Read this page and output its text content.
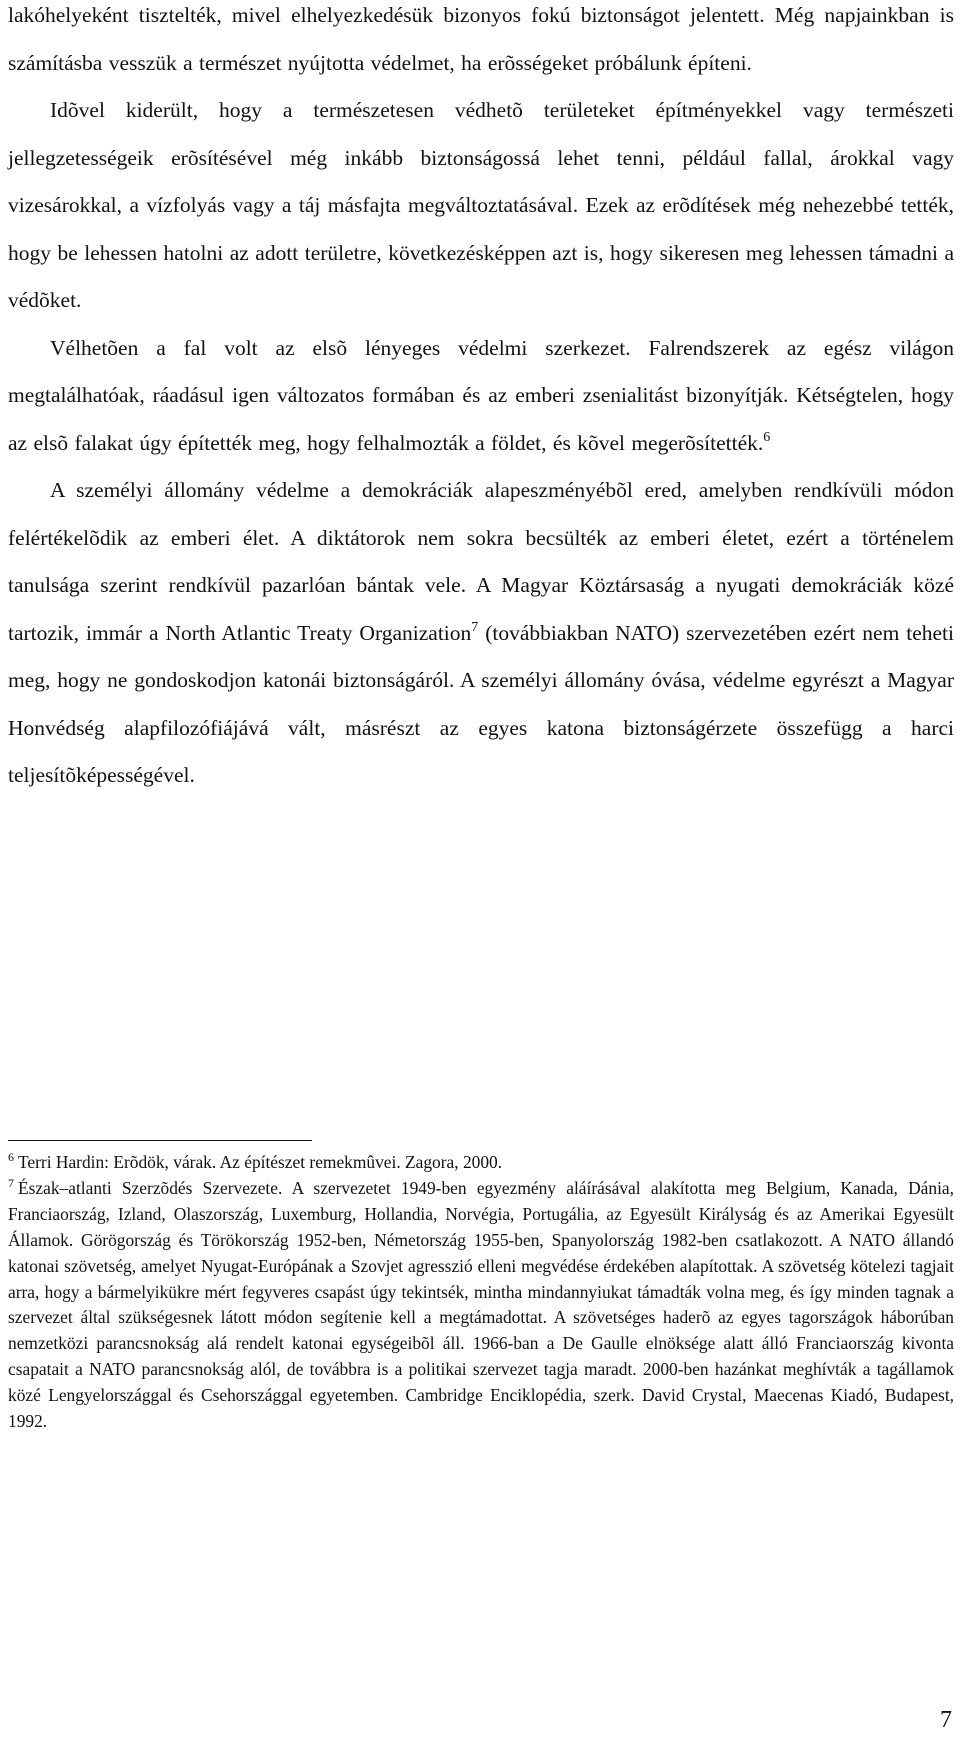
lakóhelyeként tisztelték, mivel elhelyezkedésük bizonyos fokú biztonságot jelentett. Még napjainkban is számításba vesszük a természet nyújtotta védelmet, ha erõsségeket próbálunk építeni.

Idõvel kiderült, hogy a természetesen védhetõ területeket építményekkel vagy természeti jellegzetességeik erõsítésével még inkább biztonságossá lehet tenni, például fallal, árokkal vagy vizesárokkal, a vízfolyás vagy a táj másfajta megváltoztatásával. Ezek az erõdítések még nehezebbé tették, hogy be lehessen hatolni az adott területre, következésképpen azt is, hogy sikeresen meg lehessen támadni a védõket.

Vélhetõen a fal volt az elsõ lényeges védelmi szerkezet. Falrendszerek az egész világon megtalálhatóak, ráadásul igen változatos formában és az emberi zsenialitást bizonyítják. Kétségtelen, hogy az elsõ falakat úgy építették meg, hogy felhalmozták a földet, és kõvel megerõsítették.$^6$

A személyi állomány védelme a demokráciák alapeszményébõl ered, amelyben rendkívüli módon felértékelõdik az emberi élet. A diktátorok nem sokra becsülték az emberi életet, ezért a történelem tanulsága szerint rendkívül pazarlóan bántak vele. A Magyar Köztársaság a nyugati demokráciák közé tartozik, immár a North Atlantic Treaty Organization$^7$ (továbbiakban NATO) szervezetében ezért nem teheti meg, hogy ne gondoskodjon katonái biztonságáról. A személyi állomány óvása, védelme egyrészt a Magyar Honvédség alapfilozófiájává vált, másrészt az egyes katona biztonságérzete összefügg a harci teljesítõképességével.

$^6$ Terri Hardin: Erõdök, várak. Az építészet remekmûvei. Zagora, 2000.

$^7$ Észak–atlanti Szerzõdés Szervezete. A szervezetet 1949-ben egyezmény aláírásával alakította meg Belgium, Kanada, Dánia, Franciaország, Izland, Olaszország, Luxemburg, Hollandia, Norvégia, Portugália, az Egyesült Királyság és az Amerikai Egyesült Államok. Görögország és Törökország 1952-ben, Németország 1955-ben, Spanyolország 1982-ben csatlakozott. A NATO állandó katonai szövetség, amelyet Nyugat-Európának a Szovjet agresszió elleni megvédése érdekében alapítottak. A szövetség kötelezi tagjait arra, hogy a bármelyikükre mért fegyveres csapást úgy tekintsék, mintha mindannyiukat támadták volna meg, és így minden tagnak a szervezet által szükségesnek látott módon segítenie kell a megtámadottat. A szövetséges haderõ az egyes tagországok háborúban nemzetközi parancsnokság alá rendelt katonai egységeibõl áll. 1966-ban a De Gaulle elnöksége alatt álló Franciaország kivonta csapatait a NATO parancsnokság alól, de továbbra is a politikai szervezet tagja maradt. 2000-ben hazánkat meghívták a tagállamok közé Lengyelországgal és Csehországgal egyetemben. Cambridge Enciklopédia, szerk. David Crystal, Maecenas Kiadó, Budapest, 1992.

7
